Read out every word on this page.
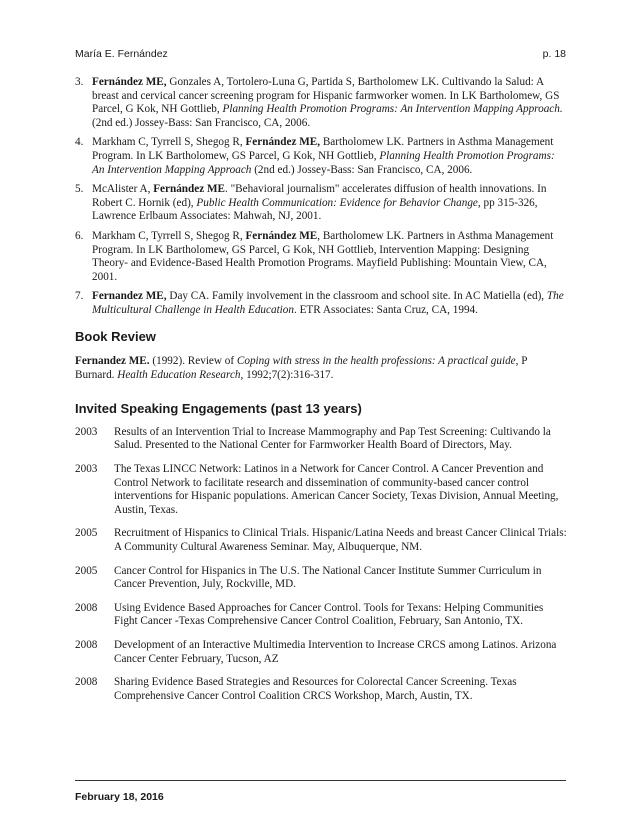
María E. Fernández	p. 18
3. Fernández ME, Gonzales A, Tortolero-Luna G, Partida S, Bartholomew LK. Cultivando la Salud: A breast and cervical cancer screening program for Hispanic farmworker women. In LK Bartholomew, GS Parcel, G Kok, NH Gottlieb, Planning Health Promotion Programs: An Intervention Mapping Approach. (2nd ed.) Jossey-Bass: San Francisco, CA, 2006.
4. Markham C, Tyrrell S, Shegog R, Fernández ME, Bartholomew LK. Partners in Asthma Management Program. In LK Bartholomew, GS Parcel, G Kok, NH Gottlieb, Planning Health Promotion Programs: An Intervention Mapping Approach (2nd ed.) Jossey-Bass: San Francisco, CA, 2006.
5. McAlister A, Fernández ME. "Behavioral journalism" accelerates diffusion of health innovations. In Robert C. Hornik (ed), Public Health Communication: Evidence for Behavior Change, pp 315-326, Lawrence Erlbaum Associates: Mahwah, NJ, 2001.
6. Markham C, Tyrrell S, Shegog R, Fernández ME, Bartholomew LK. Partners in Asthma Management Program. In LK Bartholomew, GS Parcel, G Kok, NH Gottlieb, Intervention Mapping: Designing Theory- and Evidence-Based Health Promotion Programs. Mayfield Publishing: Mountain View, CA, 2001.
7. Fernandez ME, Day CA. Family involvement in the classroom and school site. In AC Matiella (ed), The Multicultural Challenge in Health Education. ETR Associates: Santa Cruz, CA, 1994.
Book Review
Fernandez ME. (1992). Review of Coping with stress in the health professions: A practical guide, P Burnard. Health Education Research, 1992;7(2):316-317.
Invited Speaking Engagements (past 13 years)
2003	Results of an Intervention Trial to Increase Mammography and Pap Test Screening: Cultivando la Salud. Presented to the National Center for Farmworker Health Board of Directors, May.
2003	The Texas LINCC Network: Latinos in a Network for Cancer Control. A Cancer Prevention and Control Network to facilitate research and dissemination of community-based cancer control interventions for Hispanic populations. American Cancer Society, Texas Division, Annual Meeting, Austin, Texas.
2005	Recruitment of Hispanics to Clinical Trials. Hispanic/Latina Needs and breast Cancer Clinical Trials: A Community Cultural Awareness Seminar. May, Albuquerque, NM.
2005	Cancer Control for Hispanics in The U.S. The National Cancer Institute Summer Curriculum in Cancer Prevention, July, Rockville, MD.
2008	Using Evidence Based Approaches for Cancer Control. Tools for Texans: Helping Communities Fight Cancer -Texas Comprehensive Cancer Control Coalition, February, San Antonio, TX.
2008	Development of an Interactive Multimedia Intervention to Increase CRCS among Latinos. Arizona Cancer Center February, Tucson, AZ
2008	Sharing Evidence Based Strategies and Resources for Colorectal Cancer Screening. Texas Comprehensive Cancer Control Coalition CRCS Workshop, March, Austin, TX.
February 18, 2016
